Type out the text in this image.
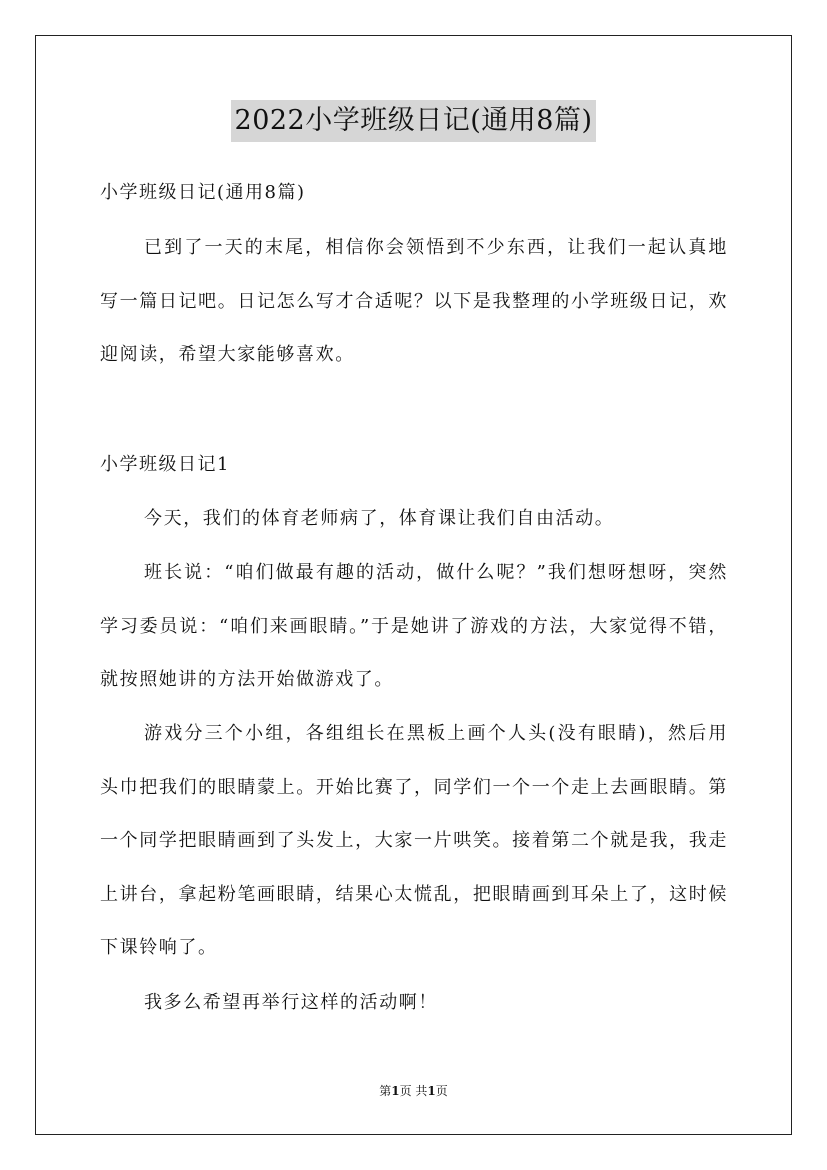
2022小学班级日记(通用8篇)
小学班级日记(通用8篇)
已到了一天的末尾，相信你会领悟到不少东西，让我们一起认真地写一篇日记吧。日记怎么写才合适呢？以下是我整理的小学班级日记，欢迎阅读，希望大家能够喜欢。
小学班级日记1
今天，我们的体育老师病了，体育课让我们自由活动。
班长说：“咱们做最有趣的活动，做什么呢？”我们想呀想呀，突然学习委员说：“咱们来画眼睛。”于是她讲了游戏的方法，大家觉得不错，就按照她讲的方法开始做游戏了。
游戏分三个小组，各组组长在黑板上画个人头(没有眼睛)，然后用头巾把我们的眼睛蒙上。开始比赛了，同学们一个一个走上去画眼睛。第一个同学把眼睛画到了头发上，大家一片哄笑。接着第二个就是我，我走上讲台，拿起粉笔画眼睛，结果心太慌乱，把眼睛画到耳朵上了，这时候下课铃响了。
我多么希望再举行这样的活动啊！
第1页 共1页
